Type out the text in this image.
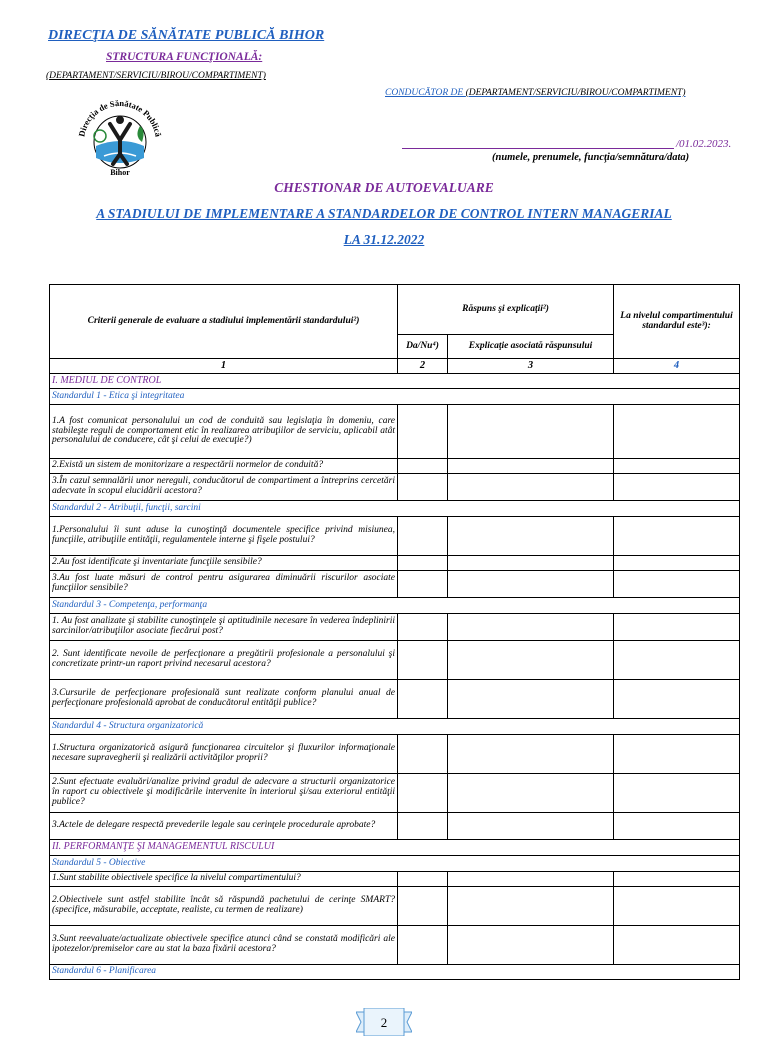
DIRECŢIA DE SĂNĂTATE PUBLICĂ BIHOR
STRUCTURA FUNCŢIONALĂ:
(DEPARTAMENT/SERVICIU/BIROU/COMPARTIMENT)
CONDUCĂTOR DE (DEPARTAMENT/SERVICIU/BIROU/COMPARTIMENT)
Direcţia de Sănătate Publică
Bihor
/01.02.2023.
(numele, prenumele, funcţia/semnătura/data)
CHESTIONAR DE AUTOEVALUARE
A STADIULUI DE IMPLEMENTARE A STANDARDELOR DE CONTROL INTERN MANAGERIAL
LA 31.12.2022
Criterii generale de evaluare a stadiului implementării standardului²)	Răspuns şi explicaţii²)		La nivelul compartimentului standardul este³):
	Da/Nu⁴)	Explicaţie asociată răspunsului	
1	2	3	4
I. MEDIUL DE CONTROL			
Standardul 1 - Etica şi integritatea			
1.A fost comunicat personalului un cod de conduită sau legislaţia în domeniu, care stabileşte reguli de comportament etic în realizarea atribuţiilor de serviciu, aplicabil atât personalului de conducere, cât şi celui de execuţie?)			
2.Există un sistem de monitorizare a respectării normelor de conduită?			
3.În cazul semnalării unor nereguli, conducătorul de compartiment a întreprins cercetări adecvate în scopul elucidării acestora?			
Standardul 2 - Atribuţii, funcţii, sarcini			
1.Personalului îi sunt aduse la cunoştinţă documentele specifice privind misiunea, funcţiile, atribuţiile entităţii, regulamentele interne şi fişele postului?			
2.Au fost identificate şi inventariate funcţiile sensibile?			
3.Au fost luate măsuri de control pentru asigurarea diminuării riscurilor asociate funcţiilor sensibile?			
Standardul 3 - Competenţa, performanţa			
1. Au fost analizate şi stabilite cunoştinţele şi aptitudinile necesare în vederea îndeplinirii sarcinilor/atribuţiilor asociate fiecărui post?			
2. Sunt identificate nevoile de perfecţionare a pregătirii profesionale a personalului şi concretizate printr-un raport privind necesarul acestora?			
3.Cursurile de perfecţionare profesională sunt realizate conform planului anual de perfecţionare profesională aprobat de conducătorul entităţii publice?			
Standardul 4 - Structura organizatorică			
1.Structura organizatorică asigură funcţionarea circuitelor şi fluxurilor informaţionale necesare supravegherii şi realizării activităţilor proprii?			
2.Sunt efectuate evaluări/analize privind gradul de adecvare a structurii organizatorice în raport cu obiectivele şi modificările intervenite în interiorul şi/sau exteriorul entităţii publice?			
3.Actele de delegare respectă prevederile legale sau cerinţele procedurale aprobate?			
II. PERFORMANŢE ŞI MANAGEMENTUL RISCULUI			
Standardul 5 - Obiective			
1.Sunt stabilite obiectivele specifice la nivelul compartimentului?			
2.Obiectivele sunt astfel stabilite încât să răspundă pachetului de cerinţe SMART? (specifice, măsurabile, acceptate, realiste, cu termen de realizare)			
3.Sunt reevaluate/actualizate obiectivele specifice atunci când se constată modificări ale ipotezelor/premiselor care au stat la baza fixării acestora?			
Standardul 6 - Planificarea			
2
